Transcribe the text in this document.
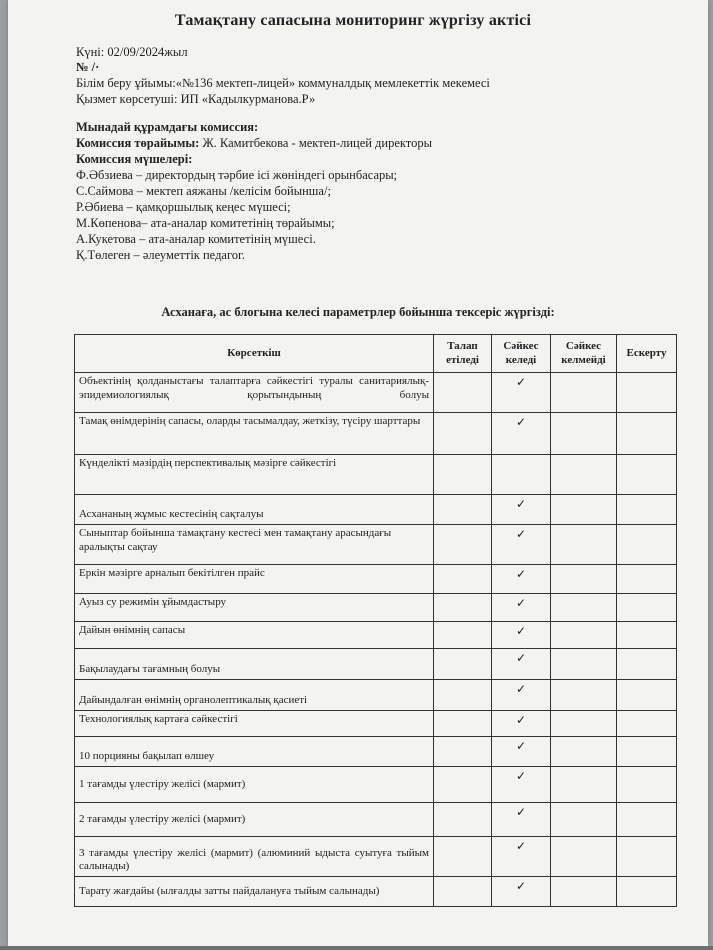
Тамақтану сапасына мониторинг жүргізу актісі
Күні: 02/09/2024жыл
№ /·
Білім беру ұйымы:«№136 мектеп-лицей» коммуналдық мемлекеттік мекемесі
Қызмет көрсетуші: ИП «Кадылкурманова.Р»
Мынадай құрамдағы комиссия:
Комиссия төрайымы: Ж. Камитбекова - мектеп-лицей директоры
Комиссия мүшелері:
Ф.Әбзиева – директордың тәрбие ісі жөніндегі орынбасары;
С.Саймова – мектеп аяжаны /келісім бойынша/;
Р.Әбиева – қамқоршылық кеңес мүшесі;
М.Көпенова– ата-аналар комитетінің төрайымы;
А.Кукетова – ата-аналар комитетінің мүшесі.
Қ.Төлеген – әлеуметтік педагог.
Асханаға, ас блогына келесі параметрлер бойынша тексеріс жүргізді:
Көрсеткіш	Талап етіледі	Сәйкес келеді	Сәйкес келмейді	Ескерту
Объектінің қолданыстағы талаптарға сәйкестігі туралы санитариялық-эпидемиологиялық қорытындының болуы		✓		
Тамақ өнімдерінің сапасы, оларды тасымалдау, жеткізу, түсіру шарттары		✓		
Күнделікті мәзірдің перспективалық мәзірге сәйкестігі				
Асхананың жұмыс кестесінің сақталуы		✓		
Сыныптар бойынша тамақтану кестесі мен тамақтану арасындағы аралықты сақтау		✓		
Еркін мәзірге арналып бекітілген прайс		✓		
Ауыз су режимін ұйымдастыру		✓		
Дайын өнімнің сапасы		✓		
Бақылаудағы тағамның болуы		✓		
Дайындалған өнімнің органолептикалық қасиеті		✓		
Технологиялық картаға сәйкестігі		✓		
10 порцияны бақылап өлшеу		✓		
1 тағамды үлестіру желісі (мармит)		✓		
2 тағамды үлестіру желісі (мармит)		✓		
3 тағамды үлестіру желісі (мармит) (алюминий ыдыста суытуға тыйым салынады)		✓		
Тарату жағдайы (ылғалды затты пайдалануға тыйым салынады)		✓		
